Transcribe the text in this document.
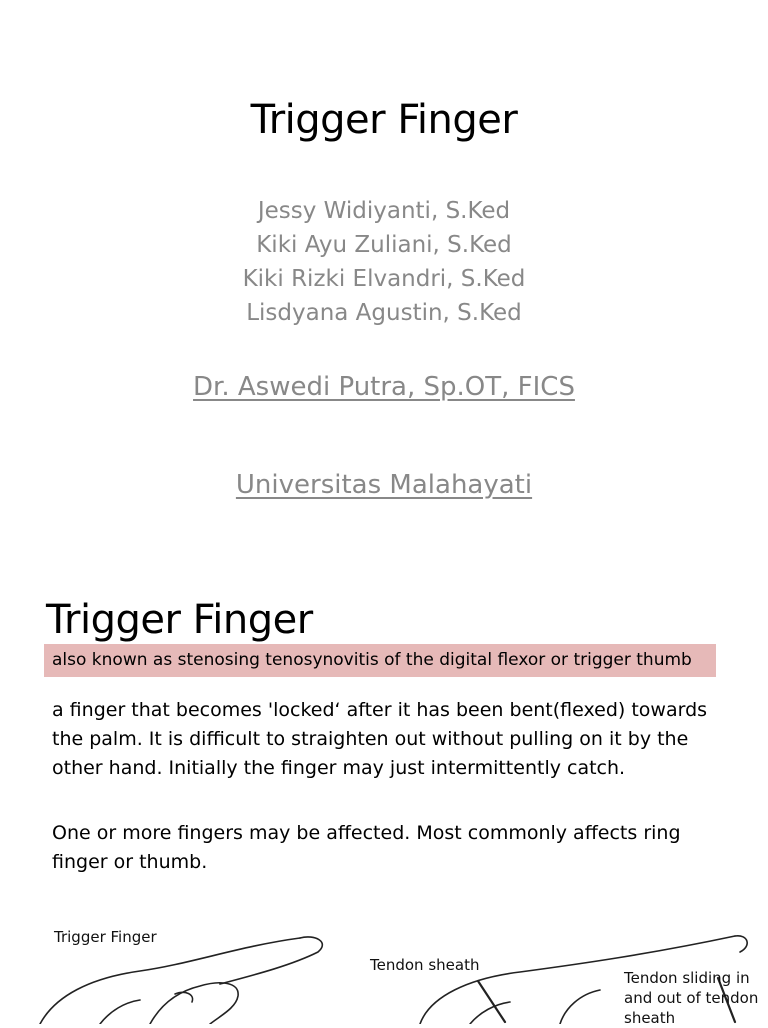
Trigger Finger
Jessy Widiyanti, S.Ked
Kiki Ayu Zuliani, S.Ked
Kiki Rizki Elvandri, S.Ked
Lisdyana Agustin, S.Ked
Dr. Aswedi Putra, Sp.OT, FICS
Universitas Malahayati
Trigger Finger
also known as stenosing tenosynovitis of the digital flexor or trigger thumb
a finger that becomes 'locked‘ after it has been bent(flexed) towards the palm. It is difficult to straighten out without pulling on it by the other hand. Initially the finger may just intermittently catch.
One or more fingers may be affected. Most commonly affects ring finger or thumb.
Trigger Finger
Tendon sheath
Tendon sliding in and out of tendon sheath
